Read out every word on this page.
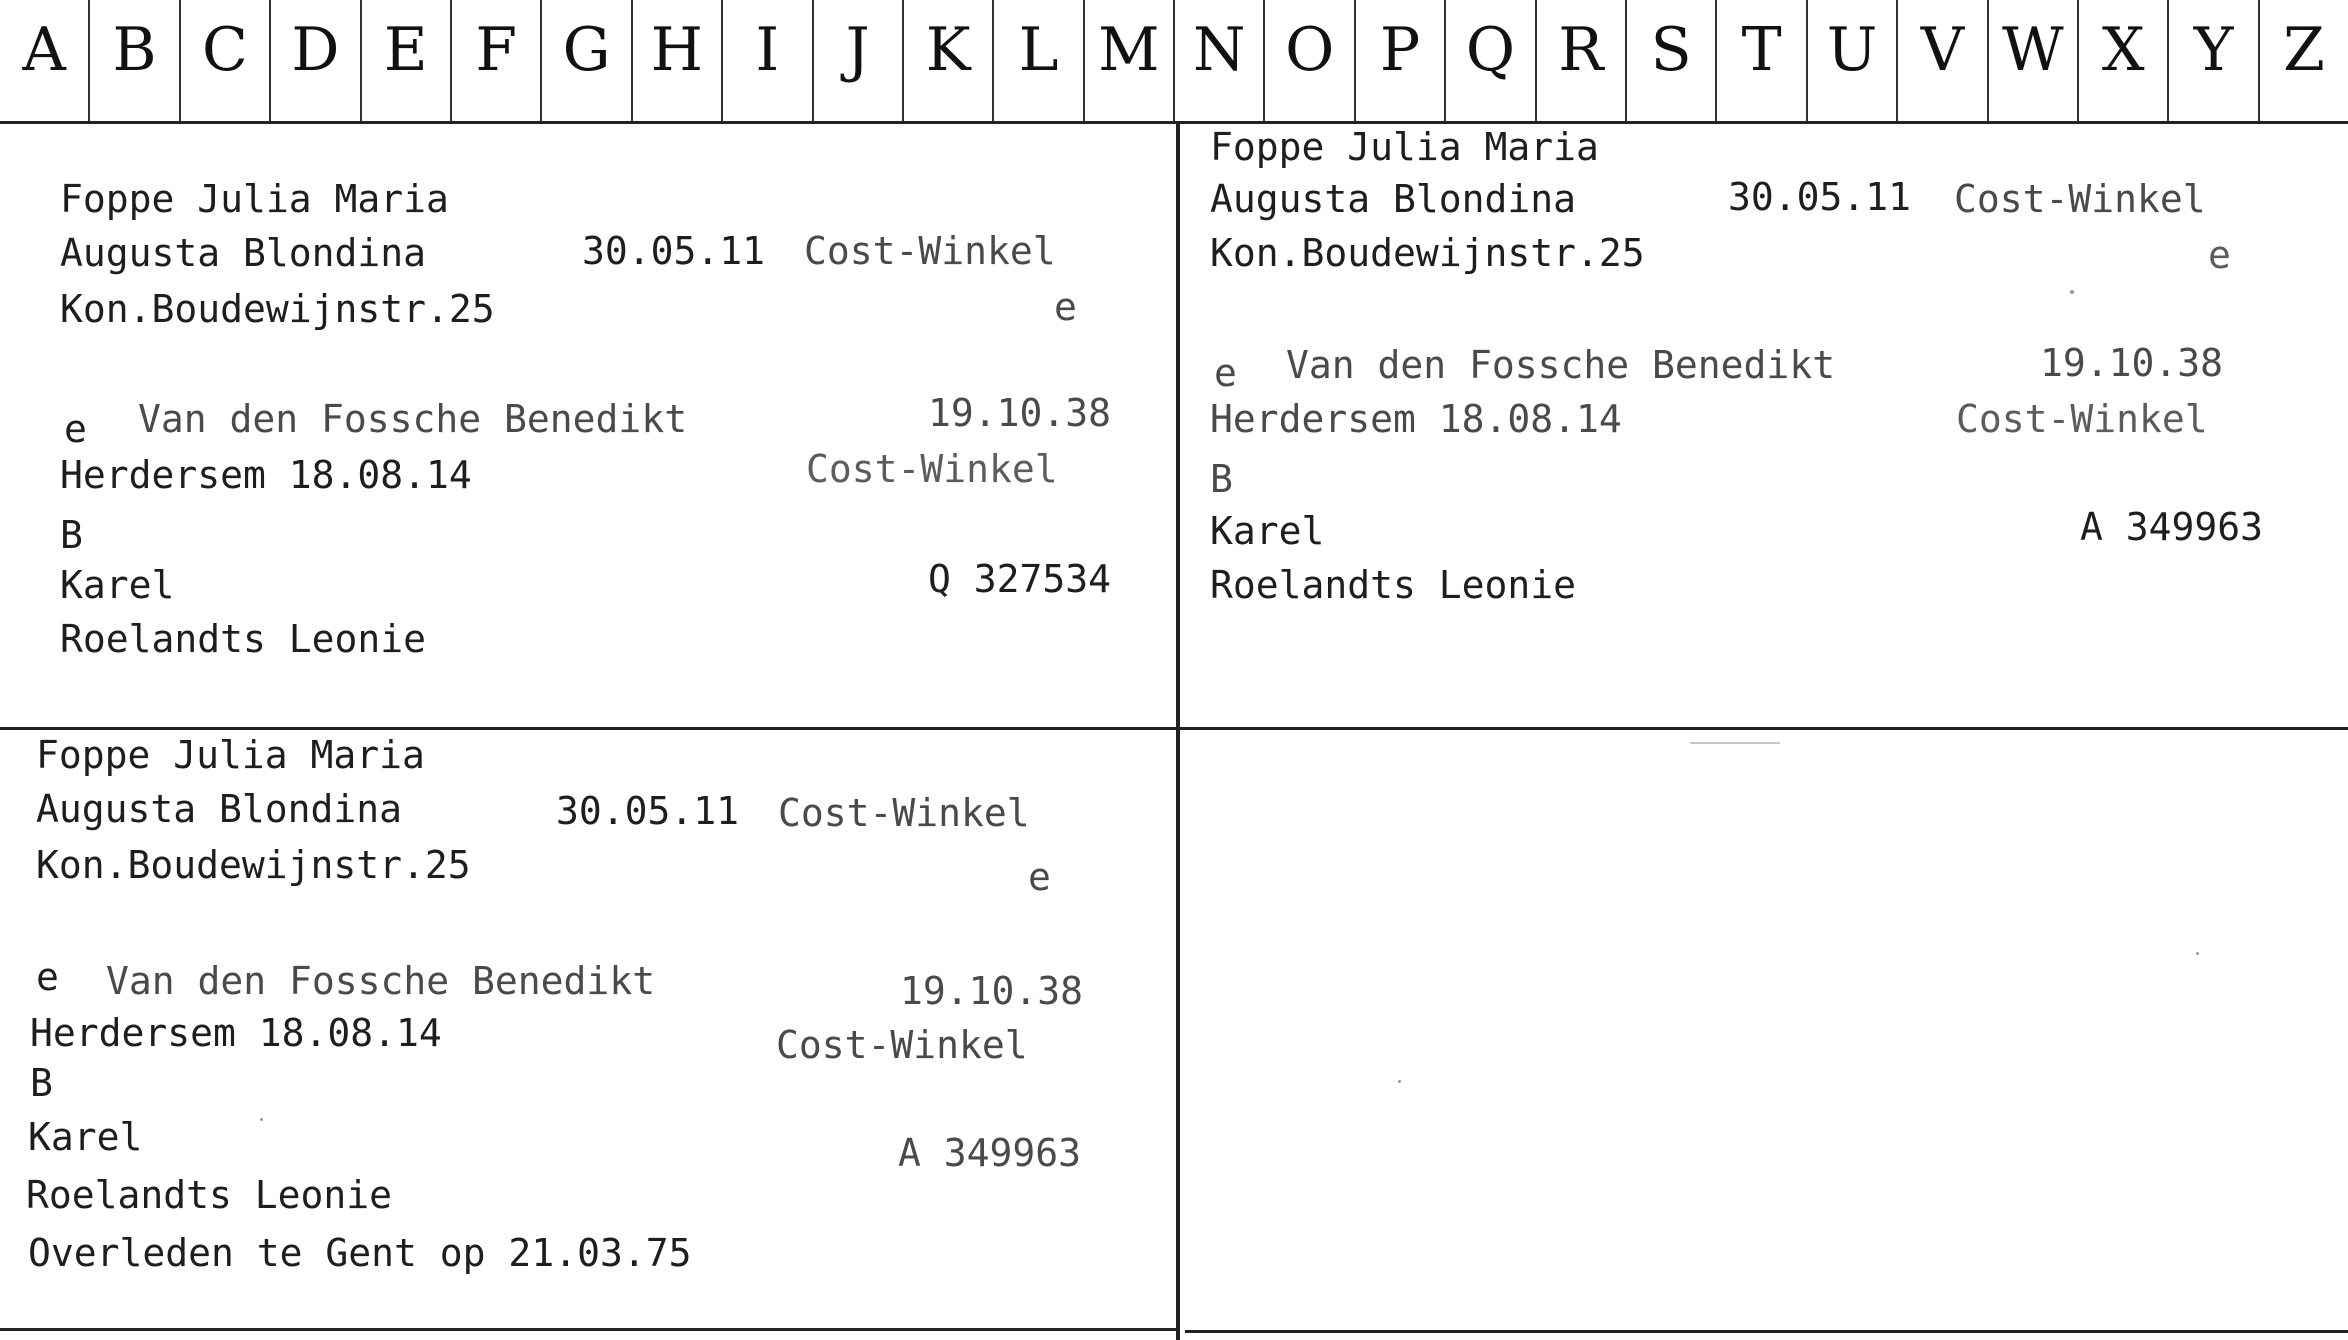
A B C D E F G H I	J K L M N O P Q R S T U V W X Y Z
Foppe Julia Maria
Augusta Blondina	30.05.11 Cost-Winkel
Kon.Boudewijnstr.25	e
e Van den Fossche Benedikt	19.10.38
Herdersem 18.08.14	Cost-Winkel
B
Karel	Q 327534
Roelandts Leonie
Foppe Julia Maria
Augusta Blondina	30.05.11 Cost-Winkel
Kon.Boudewijnstr.25	e
e Van den Fossche Benedikt	19.10.38
Herdersem 18.08.14	Cost-Winkel
B
Karel	A 349963
Roelandts Leonie
Foppe Julia Maria
Augusta Blondina	30.05.11 Cost-Winkel
Kon.Boudewijnstr.25	e
e Van den Fossche Benedikt	19.10.38
Herdersem 18.08.14	Cost-Winkel
B
Karel	A 349963
Roelandts Leonie
Overleden te Gent op 21.03.75
